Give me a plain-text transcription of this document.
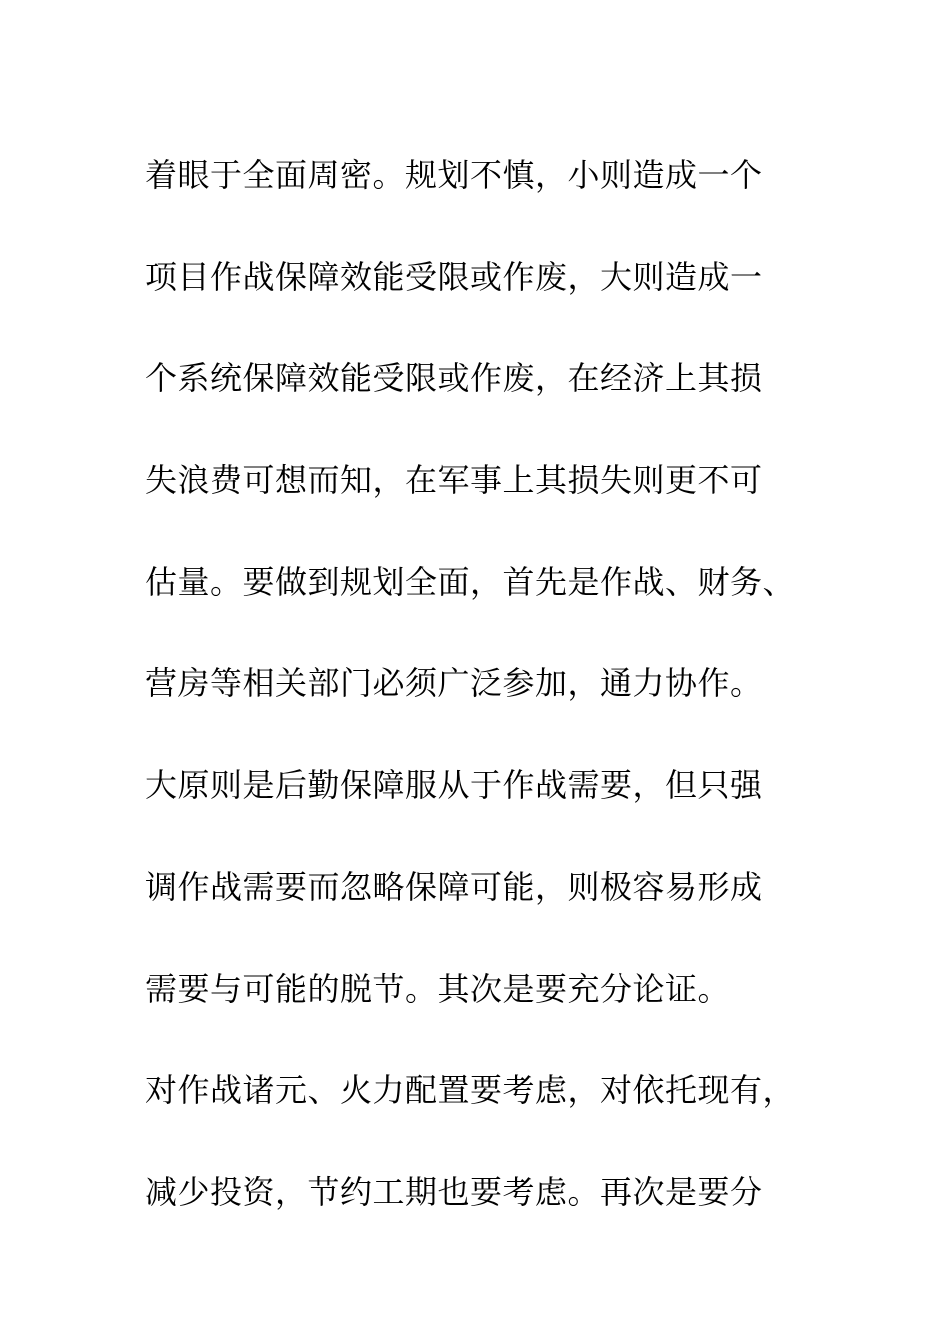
着眼于全面周密。规划不慎，小则造成一个
项目作战保障效能受限或作废，大则造成一
个系统保障效能受限或作废，在经济上其损
失浪费可想而知，在军事上其损失则更不可
估量。要做到规划全面，首先是作战、财务、
营房等相关部门必须广泛参加，通力协作。
大原则是后勤保障服从于作战需要，但只强
调作战需要而忽略保障可能，则极容易形成
需要与可能的脱节。其次是要充分论证。
对作战诸元、火力配置要考虑，对依托现有，
减少投资，节约工期也要考虑。再次是要分
